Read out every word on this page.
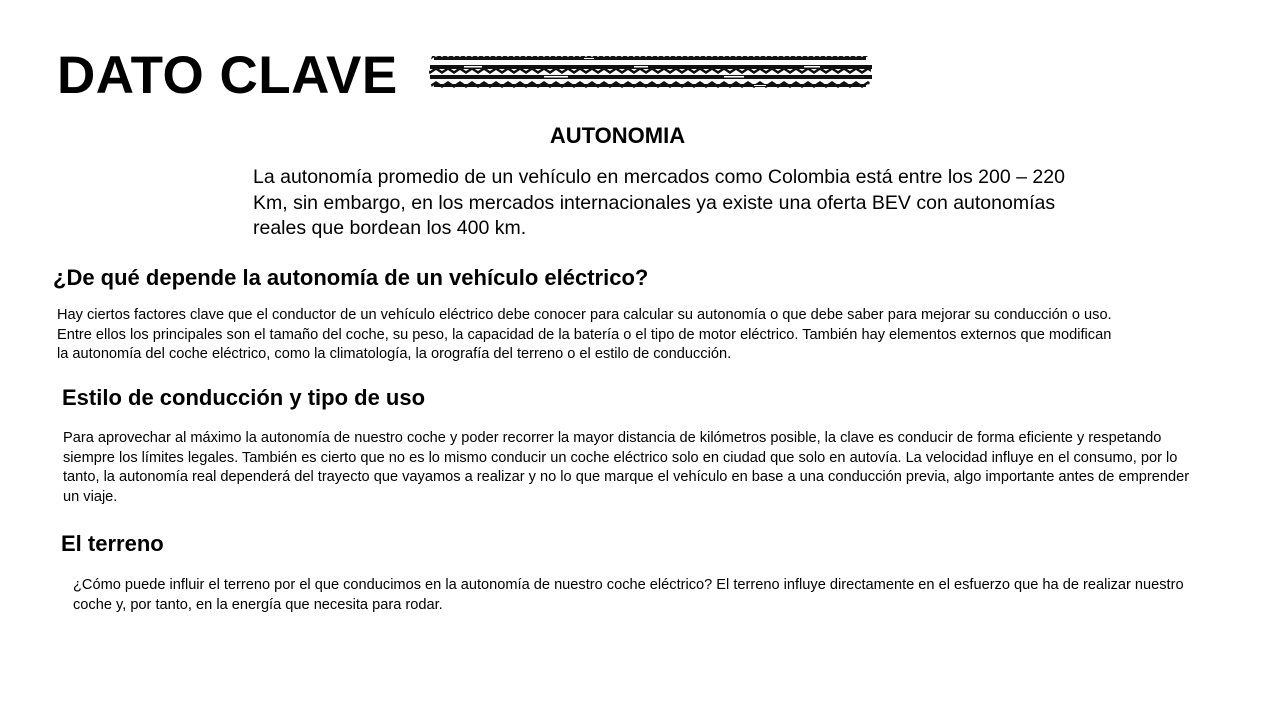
DATO CLAVE
AUTONOMIA
La autonomía promedio de un vehículo en mercados como Colombia está entre los 200 – 220 Km, sin embargo, en los mercados internacionales ya existe una oferta BEV con autonomías reales que bordean los 400 km.
¿De qué depende la autonomía de un vehículo eléctrico?
Hay ciertos factores clave que el conductor de un vehículo eléctrico debe conocer para calcular su autonomía o que debe saber para mejorar su conducción o uso. Entre ellos los principales son el tamaño del coche, su peso, la capacidad de la batería o el tipo de motor eléctrico. También hay elementos externos que modifican la autonomía del coche eléctrico, como la climatología, la orografía del terreno o el estilo de conducción.
Estilo de conducción y tipo de uso
Para aprovechar al máximo la autonomía de nuestro coche y poder recorrer la mayor distancia de kilómetros posible, la clave es conducir de forma eficiente y respetando siempre los límites legales. También es cierto que no es lo mismo conducir un coche eléctrico solo en ciudad que solo en autovía. La velocidad influye en el consumo, por lo tanto, la autonomía real dependerá del trayecto que vayamos a realizar y no lo que marque el vehículo en base a una conducción previa, algo importante antes de emprender un viaje.
El terreno
¿Cómo puede influir el terreno por el que conducimos en la autonomía de nuestro coche eléctrico? El terreno influye directamente en el esfuerzo que ha de realizar nuestro coche y, por tanto, en la energía que necesita para rodar.
